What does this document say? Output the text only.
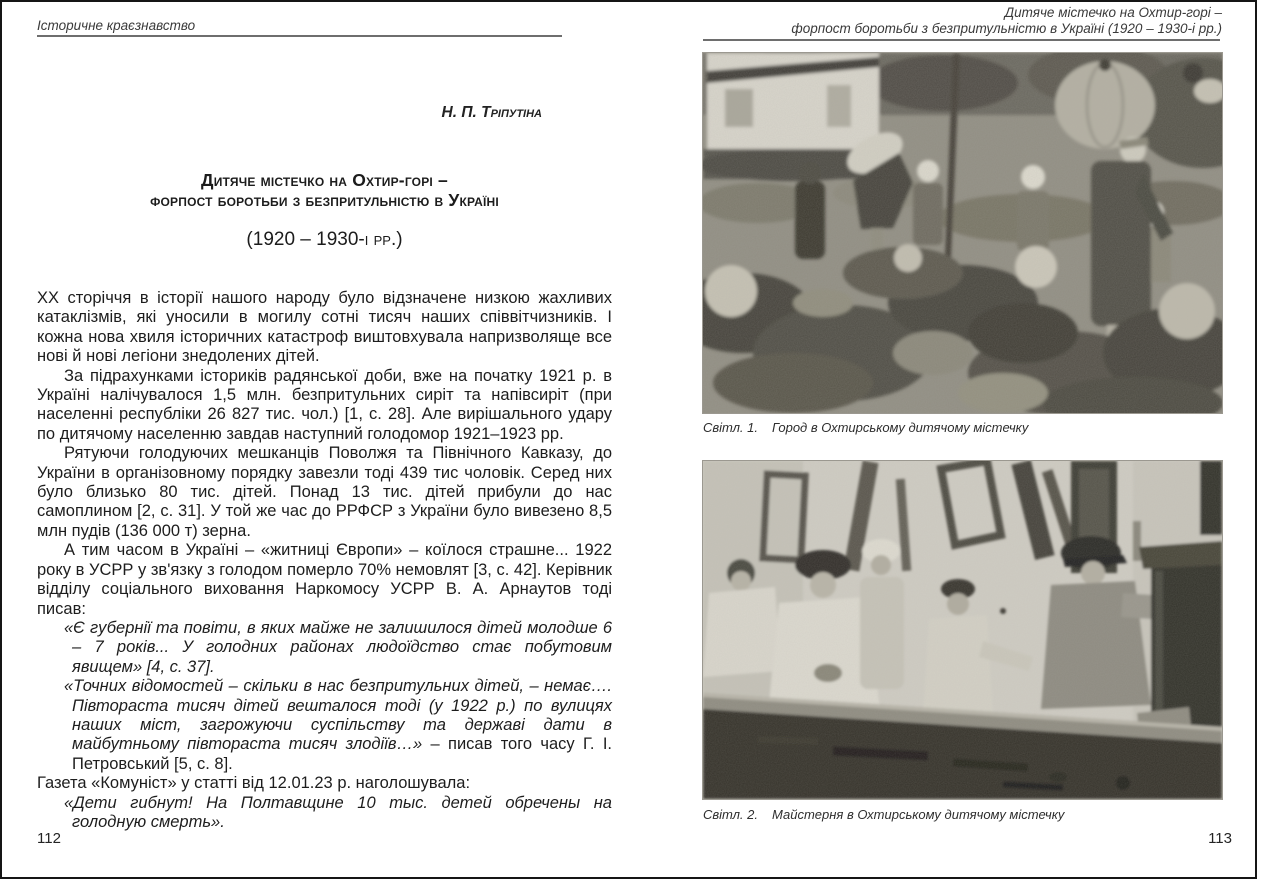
Історичне краєзнавство
Н. П. Тріпутіна
Дитяче містечко на Охтир-горі –
форпост боротьби з безпритульністю в Україні
(1920 – 1930-і рр.)

ХХ сторіччя в історії нашого народу було відзначене низкою жахливих катаклізмів, які уносили в могилу сотні тисяч наших співвітчизників. І кожна нова хвиля історичних катастроф виштовхувала напризволяще все нові й нові легіони знедолених дітей.

За підрахунками істориків радянської доби, вже на початку 1921 р. в Україні налічувалося 1,5 млн. безпритульних сиріт та напівсиріт (при населенні республіки 26 827 тис. чол.) [1, с. 28]. Але вирішального удару по дитячому населенню завдав наступний голодомор 1921–1923 рр.

Рятуючи голодуючих мешканців Поволжя та Північного Кавказу, до України в організовному порядку завезли тоді 439 тис чоловік. Серед них було близько 80 тис. дітей. Понад 13 тис. дітей прибули до нас самоплином [2, с. 31]. У той же час до РРФСР з України було вивезено 8,5 млн пудів (136 000 т) зерна.

А тим часом в Україні – «житниці Європи» – коїлося страшне... 1922 року в УСРР у зв'язку з голодом померло 70% немовлят [3, с. 42]. Керівник відділу соціального виховання Наркомосу УСРР В. А. Арнаутов тоді писав:

«Є губернії та повіти, в яких майже не залишилося дітей молодше 6 – 7 років... У голодних районах людоїдство стає побутовим явищем» [4, с. 37].

«Точних відомостей – скільки в нас безпритульних дітей, – немає…. Півтораста тисяч дітей вешталося тоді (у 1922 р.) по вулицях наших міст, загрожуючи суспільству та державі дати в майбутньому півтораста тисяч злодіїв…» – писав того часу Г. І. Петровський [5, с. 8].

Газета «Комуніст» у статті від 12.01.23 р. наголошувала:

«Дети гибнут! На Полтавщине 10 тыс. детей обречены на голодную смерть».

112
Дитяче містечко на Охтир-горі –
форпост боротьби з безпритульністю в Україні (1920 – 1930-і рр.)
Світл. 1. Город в Охтирському дитячому містечку
Світл. 2. Майстерня в Охтирському дитячому містечку
113
